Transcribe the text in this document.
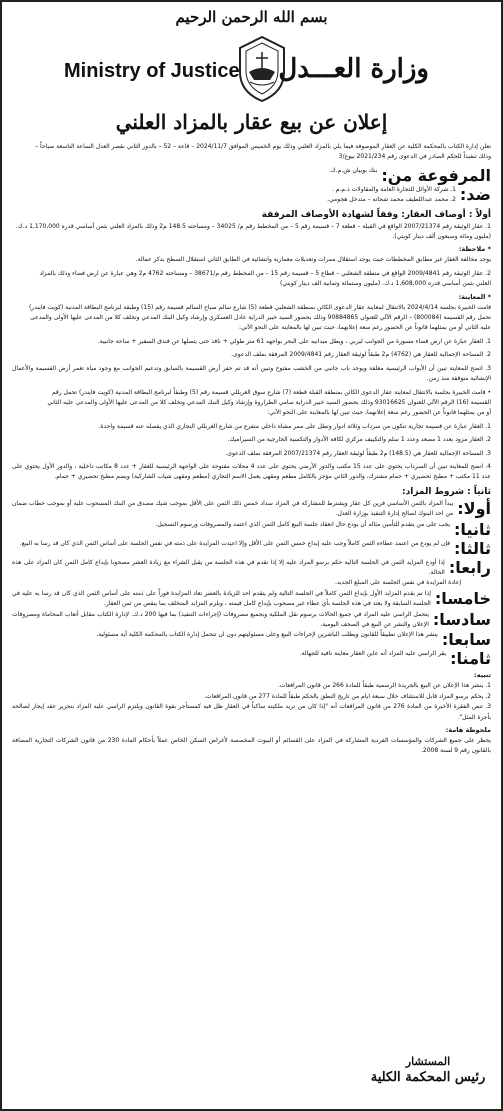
بسم الله الرحمن الرحيم
Ministry of Justice وزارة العـــدل
إعلان عن بيع عقار بالمزاد العلني

تعلن إدارة الكتاب بالمحكمة الكلية عن العقار الموصوفة فيما يلي بالمزاد العلني وذلك يوم الخميس الموافق 2024/11/7 – قاعة – 52 – بالدور الثاني بقصر العدل الساعة التاسعة صباحاً –

وذلك تنفيذاً للحكم الصادر في الدعوى رقم 2021/234 بيوع/3

المرفوعة من:
بنك بوبيان ش.م.ك.
ضد:

1. شركة الأوائل للتجارة العامة والمقاولات ذ.م.م .

2. محمد عبداللطيف محمد شحاته – متدخل هجومي.

أولاً : أوصاف العقار: وفقاً لشهادة الأوصاف المرفقة

1. عقار الوثيقة رقم 2007/21374 الواقع في القبلة – قطعة 7 – قسيمة رقم 5 – من المخطط رقم م/ 34025 – ومساحته 148.5 م2 وذلك بالمزاد العلني بثمن أساسي قدره 1,170,000 د.ك.

(مليون ومائة وسبعون ألف دينار كويتي).

* ملاحظة:

يوجد مخالفة العقار غير مطابق المخططات حيث يوجد استقلال ممرات وتعديلات معمارية وانشائية في الطابق الثاني استقلال السطح بدكر عمالة.

2. عقار الوثيقة رقم 2009/4841 الواقع في منطقة الشعلبي – قطاع 5 – قسيمة رقم 15 – من المخطط رقم م/38671 – ومساحته 4762 م2 وهي عبارة عن ارض فضاء وذلك بالمزاد

العلني بثمن أساسي قدره 1,608,000 د.ك. (مليون وستمائة وثمانية الف دينار كويتي)

* المعاينة:

قامت الخبيرة بجلسة 2024/4/14 بالانتقال لمعاينة عقار الدعوى الكائن بمنطقة الشعلبي قطعة (5) شارع سالم صباح السالم قسيمة رقم (15) وطبقة لبرنامج البطاقة المدنية (كويت فايندر)

تحمل رقم القسيمة (800084) – الرقم الآلي للعنوان 90884865 وذلك بحضور السيد خبير الدراية عادل العسكري وإرشاد وكيل البنك المدعي وتخلف كلا من المدعى عليها الأولى والمدعى

عليه الثاني أو من يمثلهما قانوناً عن الحضور رغم سعة إعلانهما، حيث تبين لها بالمعاينة على النحو الآتي:

1. العقار عبارة عن ارض فضاء مسورة من الجوانب ليربي ، ويطل ميدانيه على البحر بواجهه 61 متر طولي + نافذ حتى يتصلها عن فندق السفير + ساحة جانبية.

2. المساحة الإجمالية للعقار هي (4762) م2 طبقاً لوثيقة العقار رقم 2009/4841 المرفقة بملف الدعوى.

3. اتضح للمعاينة تبين أن الأبواب الرئيسية مغلقة ويوجد باب جانبي من الخشب مفتوح وتبين أنه قد تم حفر أرض القسيمة بالسابق وتدعيم الجوانب مع وجود مياه تغمر أرض القسيمة والأعمال الإنشائية متوقفة منذ زمن.

• قامت الخبيرة بجلسة بالانتقال لمعاينة عقار الدعوى الكائن بمنطقة القبلة قطعة (7) شارع سوق الغربللي قسيمة رقم (5) وطبقاً لبرنامج البطاقة المدنية (كويت فايندر) تحمل رقم

القسيمة (16) الرقم الآلي للعنوان 93016625 وذلك بحضور السيد خبير الدراية سامي الطراروة وإرشاد وكيل البنك المدعي وتخلف كلا من المدعى عليها الأولى والمدعى عليه الثاني

أو من يمثلهما قانوناً عن الحضور رغم سعة إعلانهما، حيث تبين لها بالمعاينة على النحو الآتي:

1. العقار عبارة عن قسيمة تجارية تتكون من سرداب وثلاثة ادوار وتطل على ممر مشاه داخلي متفرع من شارع الغربللي التجاري الذي يفصله عنه قسيمة واحدة.

2. العقار مزود بعدد 1 مصعد وعدد 1 سلم والتكييف مركزي لكافة الأدوار والتكسية الخارجية من السيراميك.

3. المساحة الإجمالية للعقار هي (148.5) م2 طبقاً لوثيقة العقار رقم 2007/21374 المرفقة بملف الدعوى.

4. اتضح للمعاينة تبين أن السرداب يحتوي على عدد 15 مكتب والدور الأرضي يحتوي على عدد 4 محلات مفتوحة على الواجهة الرئيسية للعقار + عدد 8 مكاتب داخلية ، والدور الأول يحتوي على عدد 11 مكتب + مطبخ تحضيري + حمام مشترك، والدور الثاني مؤجر بالكامل مطعم ومقهى يعمل الاسم التجاري (مطعم ومقهى شياب الشاركية) ويضم مطبخ تحضيري + حمام.

ثانياً : شروط المزاد:
أولا:
يبدأ المزاد بالثمن الأساسي فرين كل عقار ويشترط للمشاركة في المزاد سداد خمس ذلك الثمن على الأقل بموجب شيك مصدق من البنك المسحوب عليه أو بموجب خطاب ضمان من احد البنوك لصالح إدارة التنفيذ بوزارة العدل.
ثانيا:
يجب على من يتقدم للتأمين مثاله أن يودع حال انعقاد جلسة البيع كامل الثمن الذي اعتمد والمصروفات ورسوم التسجيل.
ثالثا:
فإن لم يودع من اعتمد عطاءه الثمن كاملاً وجب عليه إيداع خمس الثمن على الأقل وإلا اعيدت المزايدة على ذمته في نفس الجلسة على أساس الثمن الذي كان قد رسا به البيع.
رابعا:
إذا أودع المزايد الثمن في الجلسة التالية حكم برسو المزاد عليه إلا إذا تقدم في هذه الجلسة من يقبل الشراء مع زيادة العشر مصحوبا بإيداع كامل الثمن كان المزاد على هذه الحالة.
إعادة المزايدة في نفس الجلسة على المبلغ الجديد.
خامسا:
إذا تم بقدم المزايد الأول بإيداع الثمن كاملاً في الجلسة التالية ولم يتقدم احد للزيادة بالعشر تعاد المزايدة فوراً على ذمته على أساس الثمن الذي كان قد رسا به عليه في الجلسة السابقة ولا يعتد في هذه الجلسة بأي عطاء غير مصحوب بإيداع كامل قيمته ، ويلزم المزايد المتخلف بما ينقص من ثمن العقار.
سادسا:
يتحمل الراسي عليه المزاد في جميع الحالات برسوم نقل الملكية وبجميع مصروفات (إجراءات التنفيذ) بما فيها 200 د.ك. لإدارة الكتاب مقابل أتعاب المحاماة ومصروفات الإعلان والنشر عن البيع في الصحف اليومية.
سابعا:
ينشر هذا الإعلان تطبيقاً للقانون ويطلب الباشرين لإجراءات البيع وعلى مسئوليتهم دون ان تتحمل إدارة الكتاب بالمحكمة الكلية أية مسئولية.
ثامنا:
يقر الراسي عليه المزاد أنه عاين العقار معاينة نافية للجهالة.
تنبيه:

1. ينشر هذا الإعلان عن البيع بالجريدة الرسمية طبقاً للمادة 266 من قانون المرافعات.

2. يحكم برسو المزاد قابل للاستئناف خلال سبعة ايام من تاريخ النطق بالحكم طبقاً للمادة 277 من قانون المرافعات.

3. تنص الفقرة الأخيرة من المادة 276 من قانون المرافعات أنه "إذا كان من تريد ملكيته ساكناً في العقار ظل فيه كمستأجر بقوة القانون ويلتزم الراسي عليه المزاد بتحرير عقد إيجار لصالحه بأجرة المثل".

ملحوظة هامة:

يحظر على جميع الشركات والمؤسسات الفردية المشاركة في المزاد على القسائم أو البيوت المخصصة لأغراض السكن الخاص عملاً بأحكام المادة 230 من قانون الشركات التجارية المضافة بالقانون رقم 9 لسنة 2008.

المستشار
رئيس المحكمة الكلية
